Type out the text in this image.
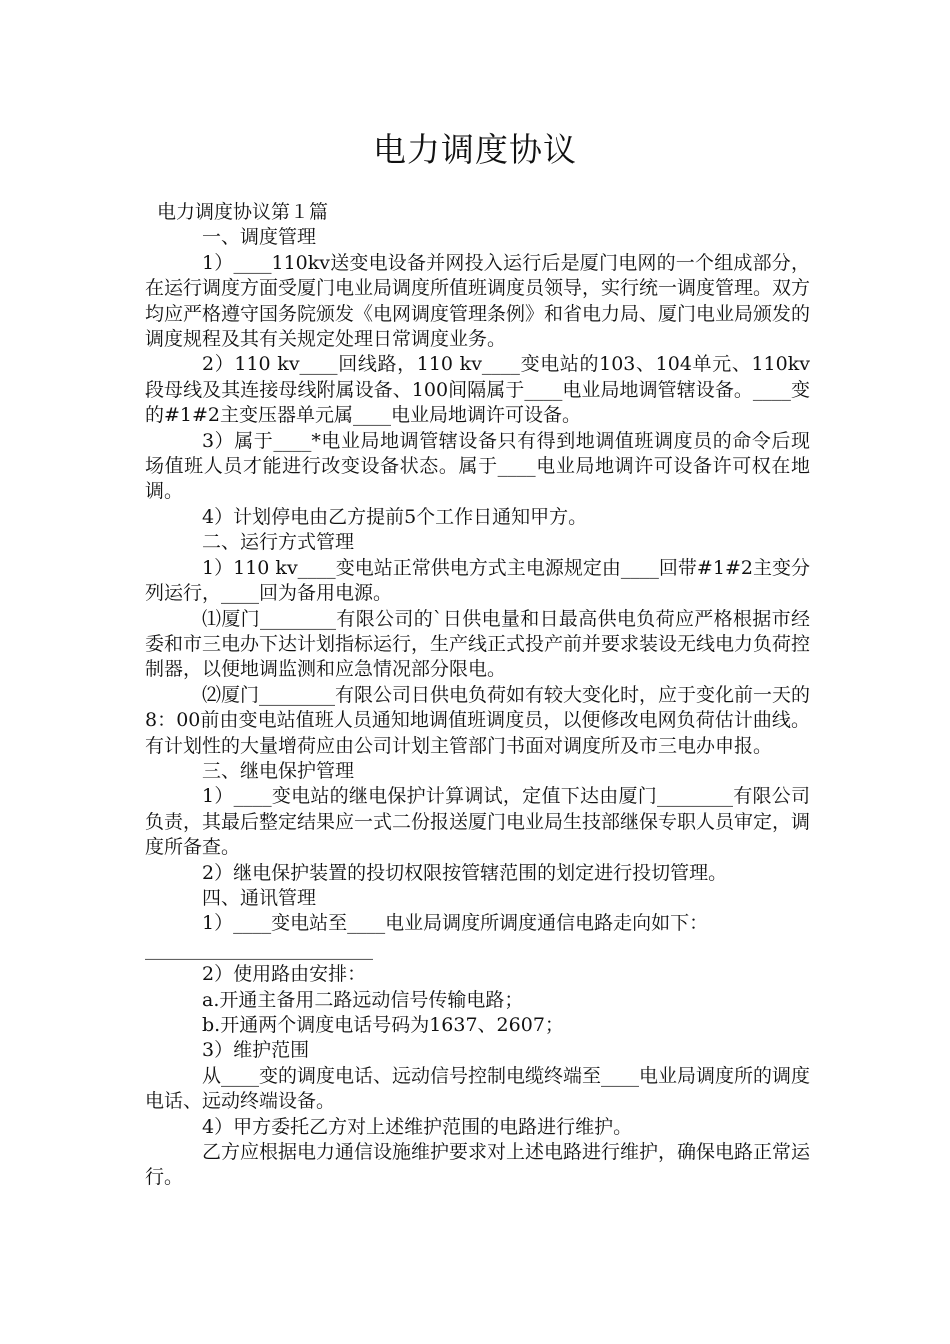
电力调度协议

电力调度协议第１篇

一、调度管理

1）____110kv送变电设备并网投入运行后是厦门电网的一个组成部分，在运行调度方面受厦门电业局调度所值班调度员领导，实行统一调度管理。双方均应严格遵守国务院颁发《电网调度管理条例》和省电力局、厦门电业局颁发的调度规程及其有关规定处理日常调度业务。

2）110 kv____回线路，110 kv____变电站的103、104单元、110kv段母线及其连接母线附属设备、100间隔属于____电业局地调管辖设备。____变的#1#2主变压器单元属____电业局地调许可设备。

3）属于____*电业局地调管辖设备只有得到地调值班调度员的命令后现场值班人员才能进行改变设备状态。属于____电业局地调许可设备许可权在地调。

4）计划停电由乙方提前5个工作日通知甲方。

二、运行方式管理

1）110 kv____变电站正常供电方式主电源规定由____回带#1#2主变分列运行，____回为备用电源。

⑴厦门________有限公司的`日供电量和日最高供电负荷应严格根据市经委和市三电办下达计划指标运行，生产线正式投产前并要求装设无线电力负荷控制器，以便地调监测和应急情况部分限电。

⑵厦门________有限公司日供电负荷如有较大变化时，应于变化前一天的8：00前由变电站值班人员通知地调值班调度员，以便修改电网负荷估计曲线。有计划性的大量增荷应由公司计划主管部门书面对调度所及市三电办申报。

三、继电保护管理

1）____变电站的继电保护计算调试，定值下达由厦门________有限公司负责，其最后整定结果应一式二份报送厦门电业局生技部继保专职人员审定，调度所备查。

2）继电保护装置的投切权限按管辖范围的划定进行投切管理。

四、通讯管理

1）____变电站至____电业局调度所调度通信电路走向如下：________________________

2）使用路由安排：

a.开通主备用二路远动信号传输电路；

b.开通两个调度电话号码为1637、2607；

3）维护范围

从____变的调度电话、远动信号控制电缆终端至____电业局调度所的调度电话、远动终端设备。

4）甲方委托乙方对上述维护范围的电路进行维护。

乙方应根据电力通信设施维护要求对上述电路进行维护，确保电路正常运行。
